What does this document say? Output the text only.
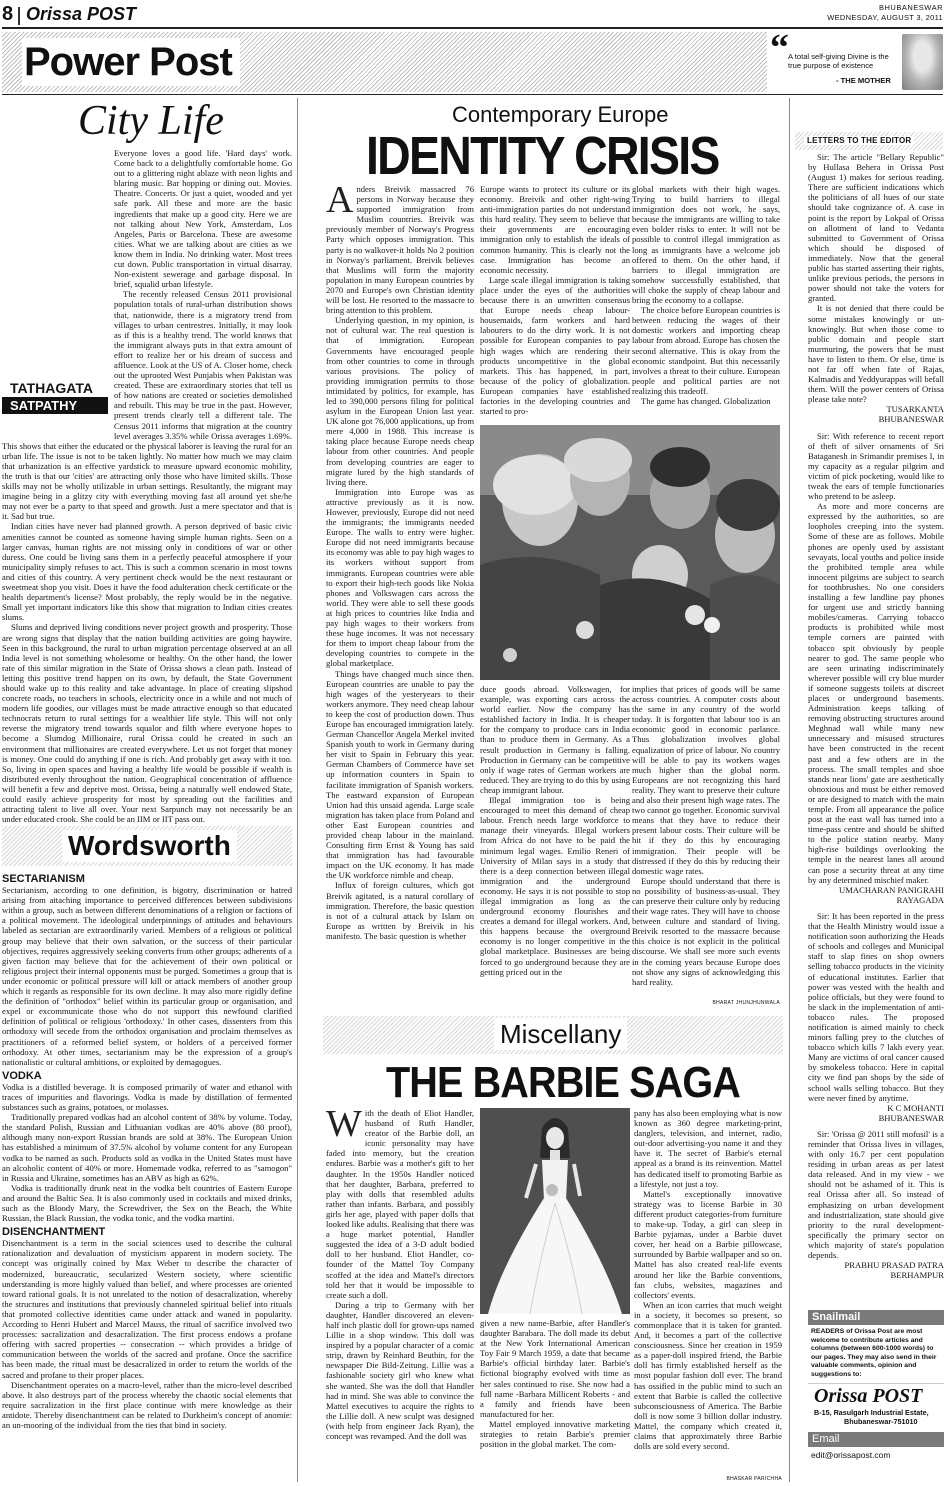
8 Orissa POST	BHUBANESWAR
WEDNESDAY, AUGUST 3, 2011
Power Post	“ A total self-giving Divine is the true purpose of existence
- THE MOTHER
City Life
TATHAGATA
SATPATHY

Everyone loves a good life. 'Hard days' work. Come back to a delightfully comfortable home. Go out to a glittering night ablaze with neon lights and blaring music. Bar hopping or dining out. Movies. Theatre. Concerts. Or just a quiet, wooded and yet safe park. All these and more are the basic ingredients that make up a good city. Here we are not talking about New York, Amsterdam, Los Angeles, Paris or Barcelona. These are awesome cities. What we are talking about are cities as we know them in India. No drinking water. Most trees cut down. Public transportation in virtual disarray. Non-existent sewerage and garbage disposal. In brief, squalid urban lifestyle.

The recently released Census 2011 provisional population totals of rural-urban distribution shows that, nationwide, there is a migratory trend from villages to urban centrestres. Initially, it may look as if this is a healthy trend. The world knows that the immigrant always puts in that extra amount of effort to realize her or his dream of success and affluence. Look at the US of A. Closer home, check out the uprooted West Punjabis when Pakistan was created. These are extraordinary stories that tell us of how nations are created or societies demolished and rebuilt. This may be true in the past. However, present trends clearly tell a different tale. The Census 2011 informs that migration at the country level averages 3.35% while Orissa averages 1.69%. This shows that either the educated or the physical laborer is leaving the rural for an urban life. The issue is not to be taken lightly. No matter how much we may claim that urbanization is an effective yardstick to measure upward economic mobility, the truth is that our 'cities' are attracting only those who have limited skills. Those skills may not be wholly utilizable in urban settings. Resultantly, the migrant may imagine being in a glitzy city with everything moving fast all around yet she/he may not ever be a party to that speed and growth. Just a mere spectator and that is it. Sad but true.

Indian cities have never had planned growth. A person deprived of basic civic amenities cannot be counted as someone having simple human rights. Seen on a larger canvas, human rights are not missing only in conditions of war or other duress. One could be living sans them in a perfectly peaceful atmosphere if your municipality simply refuses to act. This is such a common scenario in most towns and cities of this country. A very pertinent check would be the next restaurant or sweetmeat shop you visit. Does it have the food adulteration check certificate or the health department's license? Most probably, the reply would be in the negative. Small yet important indicators like this show that migration to Indian cities creates slums.

Slums and deprived living conditions never project growth and prosperity. Those are wrong signs that display that the nation building activities are going haywire. Seen in this background, the rural to urban migration percentage observed at an all India level is not something wholesome or healthy. On the other hand, the lower rate of this similar migration in the State of Orissa shows a clean path. Instead of letting this positive trend happen on its own, by default, the State Government should wake up to this reality and take advantage. In place of creating slipshod concrete roads, no teachers in schools, electricity once in a while and not much of modern life goodies, our villages must be made attractive enough so that educated technocrats return to rural settings for a wealthier life style. This will not only reverse the migratory trend towards squalor and filth where everyone hopes to become a Slumdog Millionaire, rural Orissa could be created in such an environment that millionaires are created everywhere. Let us not forget that money is money. One could do anything if one is rich. And probably get away with it too. So, living in open spaces and having a healthy life would be possible if wealth is distributed evenly throughout the nation. Geographical concentration of affluence will benefit a few and deprive most. Orissa, being a naturally well endowed State, could easily achieve prosperity for most by spreading out the facilities and attracting talent to live all over. Your next Sarpunch may not necessarily be an under educated crook. She could be an IIM or IIT pass out.

Wordsworth
SECTARIANISM

Sectarianism, according to one definition, is bigotry, discrimination or hatred arising from attaching importance to perceived differences between subdivisions within a group, such as between different denominations of a religion or factions of a political movement. The ideological underpinnings of attitudes and behaviours labeled as sectarian are extraordinarily varied. Members of a religious or political group may believe that their own salvation, or the success of their particular objectives, requires aggressively seeking converts from other groups; adherents of a given faction may believe that for the achievement of their own political or religious project their internal opponents must be purged. Sometimes a group that is under economic or political pressure will kill or attack members of another group which it regards as responsible for its own decline. It may also more rigidly define the definition of "orthodox" belief within its particular group or organisation, and expel or excommunicate those who do not support this newfound clarified definition of political or religious 'orthodoxy.' In other cases, dissenters from this orthodoxy will secede from the orthodox organisation and proclaim themselves as practitioners of a reformed belief system, or holders of a perceived former orthodoxy. At other times, sectarianism may be the expression of a group's nationalistic or cultural ambitions, or exploited by demagogues.

VODKA

Vodka is a distilled beverage. It is composed primarily of water and ethanol with traces of impurities and flavorings. Vodka is made by distillation of fermented substances such as grains, potatoes, or molasses.

Traditionally prepared vodkas had an alcohol content of 38% by volume. Today, the standard Polish, Russian and Lithuanian vodkas are 40% above (80 proof), although many non-export Russian brands are sold at 38%. The European Union has established a minimum of 37.5% alcohol by volume content for any European vodka to be named as such. Products sold as vodka in the United States must have an alcoholic content of 40% or more. Homemade vodka, referred to as "samogon" in Russia and Ukraine, sometimes has an ABV as high as 62%.

Vodka is traditionally drunk neat in the vodka belt countries of Eastern Europe and around the Baltic Sea. It is also commonly used in cocktails and mixed drinks, such as the Bloody Mary, the Screwdriver, the Sex on the Beach, the White Russian, the Black Russian, the vodka tonic, and the vodka martini.

DISENCHANTMENT

Disenchantment is a term in the social sciences used to describe the cultural rationalization and devaluation of mysticism apparent in modern society. The concept was originally coined by Max Weber to describe the character of modernized, bureaucratic, secularized Western society, where scientific understanding is more highly valued than belief, and where processes are oriented toward rational goals. It is not unrelated to the notion of desacralization, whereby the structures and institutions that previously channeled spiritual belief into rituals that promoted collective identities came under attack and waned in popularity. According to Henri Hubert and Marcel Mauss, the ritual of sacrifice involved two processes: sacralization and desacralization. The first process endows a profane offering with sacred properties -- consecration -- which provides a bridge of communication between the worlds of the sacred and profane. Once the sacrifice has been made, the ritual must be desacralized in order to return the worlds of the sacred and profane to their proper places.

Disenchantment operates on a macro-level, rather than the micro-level described above. It also destroys part of the process whereby the chaotic social elements that require sacralization in the first place continue with mere knowledge as their antidote. Thereby disenchantment can be related to Durkheim's concept of anomie: an un-mooring of the individual from the ties that bind in society.

Contemporary Europe
IDENTITY CRISIS

Anders Breivik massacred 76 persons in Norway because they supported immigration from Muslim countries. Breivik was previously member of Norway's Progress Party which opposes immigration. This party is no walkover-it holds No 2 position in Norway's parliament. Breivik believes that Muslims will form the majority population in many European countries by 2070 and Europe's own Christian identity will be lost. He resorted to the massacre to bring attention to this problem.

Underlying question, in my opinion, is not of cultural war. The real question is that of immigration. European Governments have encouraged people from other countries to come in through various provisions. The policy of providing immigration permits to those intimidated by politics, for example, has led to 390,000 persons filing for political asylum in the European Union last year. UK alone got 76,000 applications, up from mere 4,000 in 1988. This increase is taking place because Europe needs cheap labour from other countries. And people from developing countries are eager to migrate lured by the high standards of living there.

Immigration into Europe was as attractive previously as it is now. However, previously, Europe did not need the immigrants; the immigrants needed Europe. The walls to entry were higher. Europe did not need immigrants because its economy was able to pay high wages to its workers without support from immigrants. European countries were able to export their high-tech goods like Nokia phones and Volkswagen cars across the world. They were able to sell these goods at high prices to countries like India and pay high wages to their workers from these huge incomes. It was not necessary for them to import cheap labour from the developing countries to compete in the global marketplace.

Things have changed much since then. European countries are unable to pay the high wages of the yesteryears to their workers anymore. They need cheap labour to keep the cost of production down. Thus Europe has encouraged immigration lately. German Chancellor Angela Merkel invited Spanish youth to work in Germany during her visit to Spain in February this year. German Chambers of Commerce have set up information counters in Spain to facilitate immigration of Spanish workers. The eastward expansion of European Union had this unsaid agenda. Large scale migration has taken place from Poland and other East European countries and provided cheap labour in the mainland. Consulting firm Ernst & Young has said that immigration has had favourable impact on the UK economy. It has made the UK workforce nimble and cheap.

Influx of foreign cultures, which got Breivik agitated, is a natural corollary of immigration. Therefore, the basic question is not of a cultural attack by Islam on Europe as written by Breivik in his manifesto. The basic question is whether

Europe wants to protect its culture or its economy. Breivik and other right-wing anti-immigration parties do not understand this hard reality. They seem to believe that their governments are encouraging immigration only to establish the ideals of common humanity. This is clearly not the case. Immigration has become an economic necessity.

Large scale illegal immigration is taking place under the eyes of the authorities because there is an unwritten consensus that Europe needs cheap labour-housemaids, farm workers and hard labourers to do the dirty work. It is not possible for European companies to pay high wages which are rendering their products uncompetitive in the global markets. This has happened, in part, because of the policy of globalization. European companies have established factories in the developing countries and started to pro-

global markets with their high wages. Trying to build barriers to illegal immigration does not work, he says, because the immigrants are willing to take even bolder risks to enter. It will not be possible to control illegal immigration as long as immigrants have a welcome job offered to them. On the other hand, if barriers to illegal immigration are somehow successfully established, that will choke the supply of cheap labour and bring the economy to a collapse.

The choice before European countries is between reducing the wages of their domestic workers and importing cheap labour from abroad. Europe has chosen the second alternative. This is okay from the economic standpoint. But this necessarily involves a threat to their culture. European people and political parties are not realizing this tradeoff.

The game has changed. Globalization

duce goods abroad. Volkswagen, for example, was exporting cars across the world earlier. Now the company has established factory in India. It is cheaper for the company to produce cars in India than to produce them in Germany. As a result production in Germany is falling. Production in Germany can be competitive only if wage rates of German workers are reduced. They are trying to do this by using cheap immigrant labour.

Illegal immigration too is being encouraged to meet this demand of cheap labour. French needs large workforce to manage their vineyards. Illegal workers from Africa do not have to be paid the minimum legal wages. Emilio Reneri of University of Milan says in a study that there is a deep connection between illegal immigration and the underground economy. He says it is not possible to stop illegal immigration as long as the underground economy flourishes and creates a demand for illegal workers. And, this happens because the overground economy is no longer competitive in the global marketplace. Businesses are being forced to go underground because they are getting priced out in the

implies that prices of goods will be same across countries. A computer costs about the same in any country of the world today. It is forgotten that labour too is an economic good in economic parlance. Thus globalization involves global equalization of price of labour. No country will be able to pay its workers wages much higher than the global norm. Europeans are not recognizing this hard reality. They want to preserve their culture and also their present high wage rates. The two cannot go together. Economic survival means that they have to reduce their present labour costs. Their culture will be hit if they do this by encouraging immigration. Their people will be distressed if they do this by reducing their domestic wage rates.

Europe should understand that there is no possibility of business-as-usual. They can preserve their culture only by reducing their wage rates. They will have to choose between culture and standard of living. Breivik resorted to the massacre because this choice is not explicit in the political discourse. We shall see more such events in the coming years because Europe does not show any signs of acknowledging this hard reality.

BHARAT JHUNJHUNWALA
Miscellany
THE BARBIE SAGA

With the death of Eliot Handler, husband of Ruth Handler, creator of the Barbie doll, an iconic personality may have faded into memory, but the creation endures. Barbie was a mother's gift to her daughter. In the 1950s Handler noticed that her daughter, Barbara, preferred to play with dolls that resembled adults rather than infants. Barbara, and possibly girls her age, played with paper dolls that looked like adults. Realising that there was a huge market potential, Handler suggested the idea of a 3-D adult bodied doll to her husband. Eliot Handler, co-founder of the Mattel Toy Company scoffed at the idea and Mattel's directors told her that it would be impossible to create such a doll.

During a trip to Germany with her daughter, Handler discovered an eleven-half inch plastic doll for grown-ups named Lillie in a shop window. This doll was inspired by a popular character of a comic strip, drawn by Reinhard Beuthin, for the newspaper Die Bild-Zeitung. Lillie was a fashionable society girl who knew what she wanted. She was the doll that Handler had in mind. She was able to convince the Mattel executives to acquire the rights to the Lillie doll. A new sculpt was designed (with help from engineer Jack Ryan), the concept was revamped. And the doll was

given a new name-Barbie, after Handler's daughter Barabara. The doll made its debut at the New York International American Toy Fair 9 March 1959, a date that became Barbie's official birthday later. Barbie's fictional biography evolved with time as her sales continued to rise. She now had a full name -Barbara Millicent Roberts - and a family and friends have been manufactured for her.

Mattel employed innovative marketing strategies to retain Barbie's premier position in the global market. The com-

pany has also been employing what is now known as 360 degree marketing-print, danglers, television, and internet, radio, out-door advertising-you name it and they have it. The secret of Barbie's eternal appeal as a brand is its reinvention. Mattel has dedicated itself to promoting Barbie as a lifestyle, not just a toy.

Mattel's exceptionally innovative strategy was to license Barbie in 30 different product categories-from furniture to make-up. Today, a girl can sleep in Barbie pyjamas, under a Barbie duvet cover, her head on a Barbie pillowcase, surrounded by Barbie wallpaper and so on. Mattel has also created real-life events around her like the Barbie conventions, fan clubs, websites, magazines and collectors' events.

When an icon carries that much weight in a society, it becomes so present, so commonplace that it is taken for granted. And, it becomes a part of the collective consciousness. Since her creation in 1959 as a paper-doll inspired friend, the Barbie doll has firmly established herself as the most popular fashion doll ever. The brand has ossified in the public mind to such an extent that Barbie is called the collective subconsciousness of America. The Barbie doll is now some 3 billion dollar industry. Mattel, the company which created it, claims that approximately three Barbie dolls are sold every second.

BHASKAR PARICHHA
LETTERS TO THE EDITOR

Sir: The article "Bellary Republic" by Hullasa Behera in Orissa Post (August 1) makes for serious reading. There are sufficient indications which the politicians of all hues of our state should take cognizance of. A case in point is the report by Lokpal of Orissa on allotment of land to Vedanta submitted to Government of Orissa which should be disposed of immediately. Now that the general public has started asserting their rights, unlike previous periods, the persons in power should not take the voters for granted.

It is not denied that there could be some mistakes knowingly or un-knowingly. But when those come to public domain and people start murmuring, the powers that be must have to listen to them. Or else, time is not far off when fate of Rajas, Kalmadis and Yeddyurappas will befall them. Will the power centers of Orissa please take note?

TUSARKANTA
BHUBANESWAR

Sir: With reference to recent report of theft of silver ornaments of Sri Bataganesh in Srimandir premises I, in my capacity as a regular pilgrim and victim of pick pocketing, would like to tweak the ears of temple functionaries who pretend to be asleep.

As more and more concerns are expressed by the authorities, so are loopholes creeping into the system. Some of these are as follows. Mobile phones are openly used by assistant sevayats, local youths and police inside the prohibited temple area while innocent pilgrims are subject to search for toothbrushes. No one considers installing a few landline pay phones for urgent use and strictly banning mobiles/cameras. Carrying tobacco products is prohibited while most temple corners are painted with tobacco spit obviously by people nearer to god. The same people who are seen urinating indiscriminately wherever possible will cry blue murder if someone suggests toilets at discreet places or underground basements. Administration keeps talking of removing obstructing structures around Meghnad wall while many new unnecessary and misused structures have been constructed in the recent past and a few others are in the process. The small temples and shoe stands near lions' gate are aesthetically obnoxious and must be either removed or are designed to match with the main temple. From all appearance the police post at the east wall has turned into a time-pass centre and should be shifted to the police station nearby. Many high-rise buildings overlooking the temple in the nearest lanes all around can pose a security threat at any time by any determined mischief maker.

UMACHARAN PANIGRAHI
RAYAGADA

Sir: It has been reported in the press that the Health Ministry would issue a notification soon authorizing the Heads of schools and colleges and Municipal staff to slap fines on shop owners selling tobacco products in the vicinity of educational institutes. Earlier that power was vested with the health and police officials, but they were found to be slack in the implementation of anti-tobacco rules. The proposed notification is aimed mainly to check minors falling prey to the clutches of tobacco which kills 7 lakh every year. Many are victims of oral cancer caused by smokeless tobacco. Here in capital city we find pan shops by the side of school walls selling tobacco. But they were never fined by anytime.

K C MOHANTI
BHUBANESWAR

Sir: 'Orissa @ 2011 still mofusil' is a reminder that Orissa lives in villages, with only 16.7 per cent population residing in urban areas as per latest data released. And in my view - we should not be ashamed of it. This is real Orissa after all. So instead of emphasizing on urban development and industrialization, state should give priority to the rural development- specifically the primary sector on which majority of state's population depends.

PRABHU PRASAD PATRA
BERHAMPUR
Snailmail
READERS of Orissa Post are most welcome to contribute articles and columns (between 600-1000 words) to our pages. They may also send in their valuable comments, opinion and suggestions to:
Orissa POST
B-15, Rasulgarh Industrial Estate,
Bhubaneswar-751010
Email
edit@orissapost.com
